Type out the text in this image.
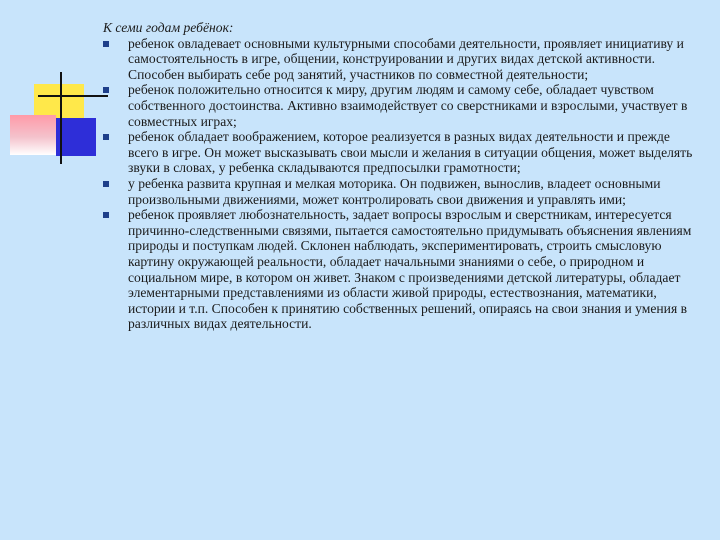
К семи годам ребёнок:
ребенок овладевает основными культурными способами деятельности, проявляет инициативу и самостоятельность в игре, общении, конструировании и других видах детской активности. Способен выбирать себе род занятий, участников по совместной деятельности;
ребенок положительно относится к миру, другим людям и самому себе, обладает чувством собственного достоинства. Активно взаимодействует со сверстниками и взрослыми, участвует в совместных играх;
ребенок обладает воображением, которое реализуется в разных видах деятельности и прежде всего в игре. Он может высказывать свои мысли и желания в ситуации общения, может выделять звуки в словах, у ребенка складываются предпосылки грамотности;
у ребенка развита крупная и мелкая моторика. Он подвижен, вынослив, владеет основными произвольными движениями, может контролировать свои движения и управлять ими;
ребенок проявляет любознательность, задает вопросы взрослым и сверстникам, интересуется причинно-следственными связями, пытается самостоятельно придумывать объяснения явлениям природы и поступкам людей. Склонен наблюдать, экспериментировать, строить смысловую картину окружающей реальности, обладает начальными знаниями о себе, о природном и социальном мире, в котором он живет. Знаком с произведениями детской литературы, обладает элементарными представлениями из области живой природы, естествознания, математики, истории и т.п. Способен к принятию собственных решений, опираясь на свои знания и умения в различных видах деятельности.
